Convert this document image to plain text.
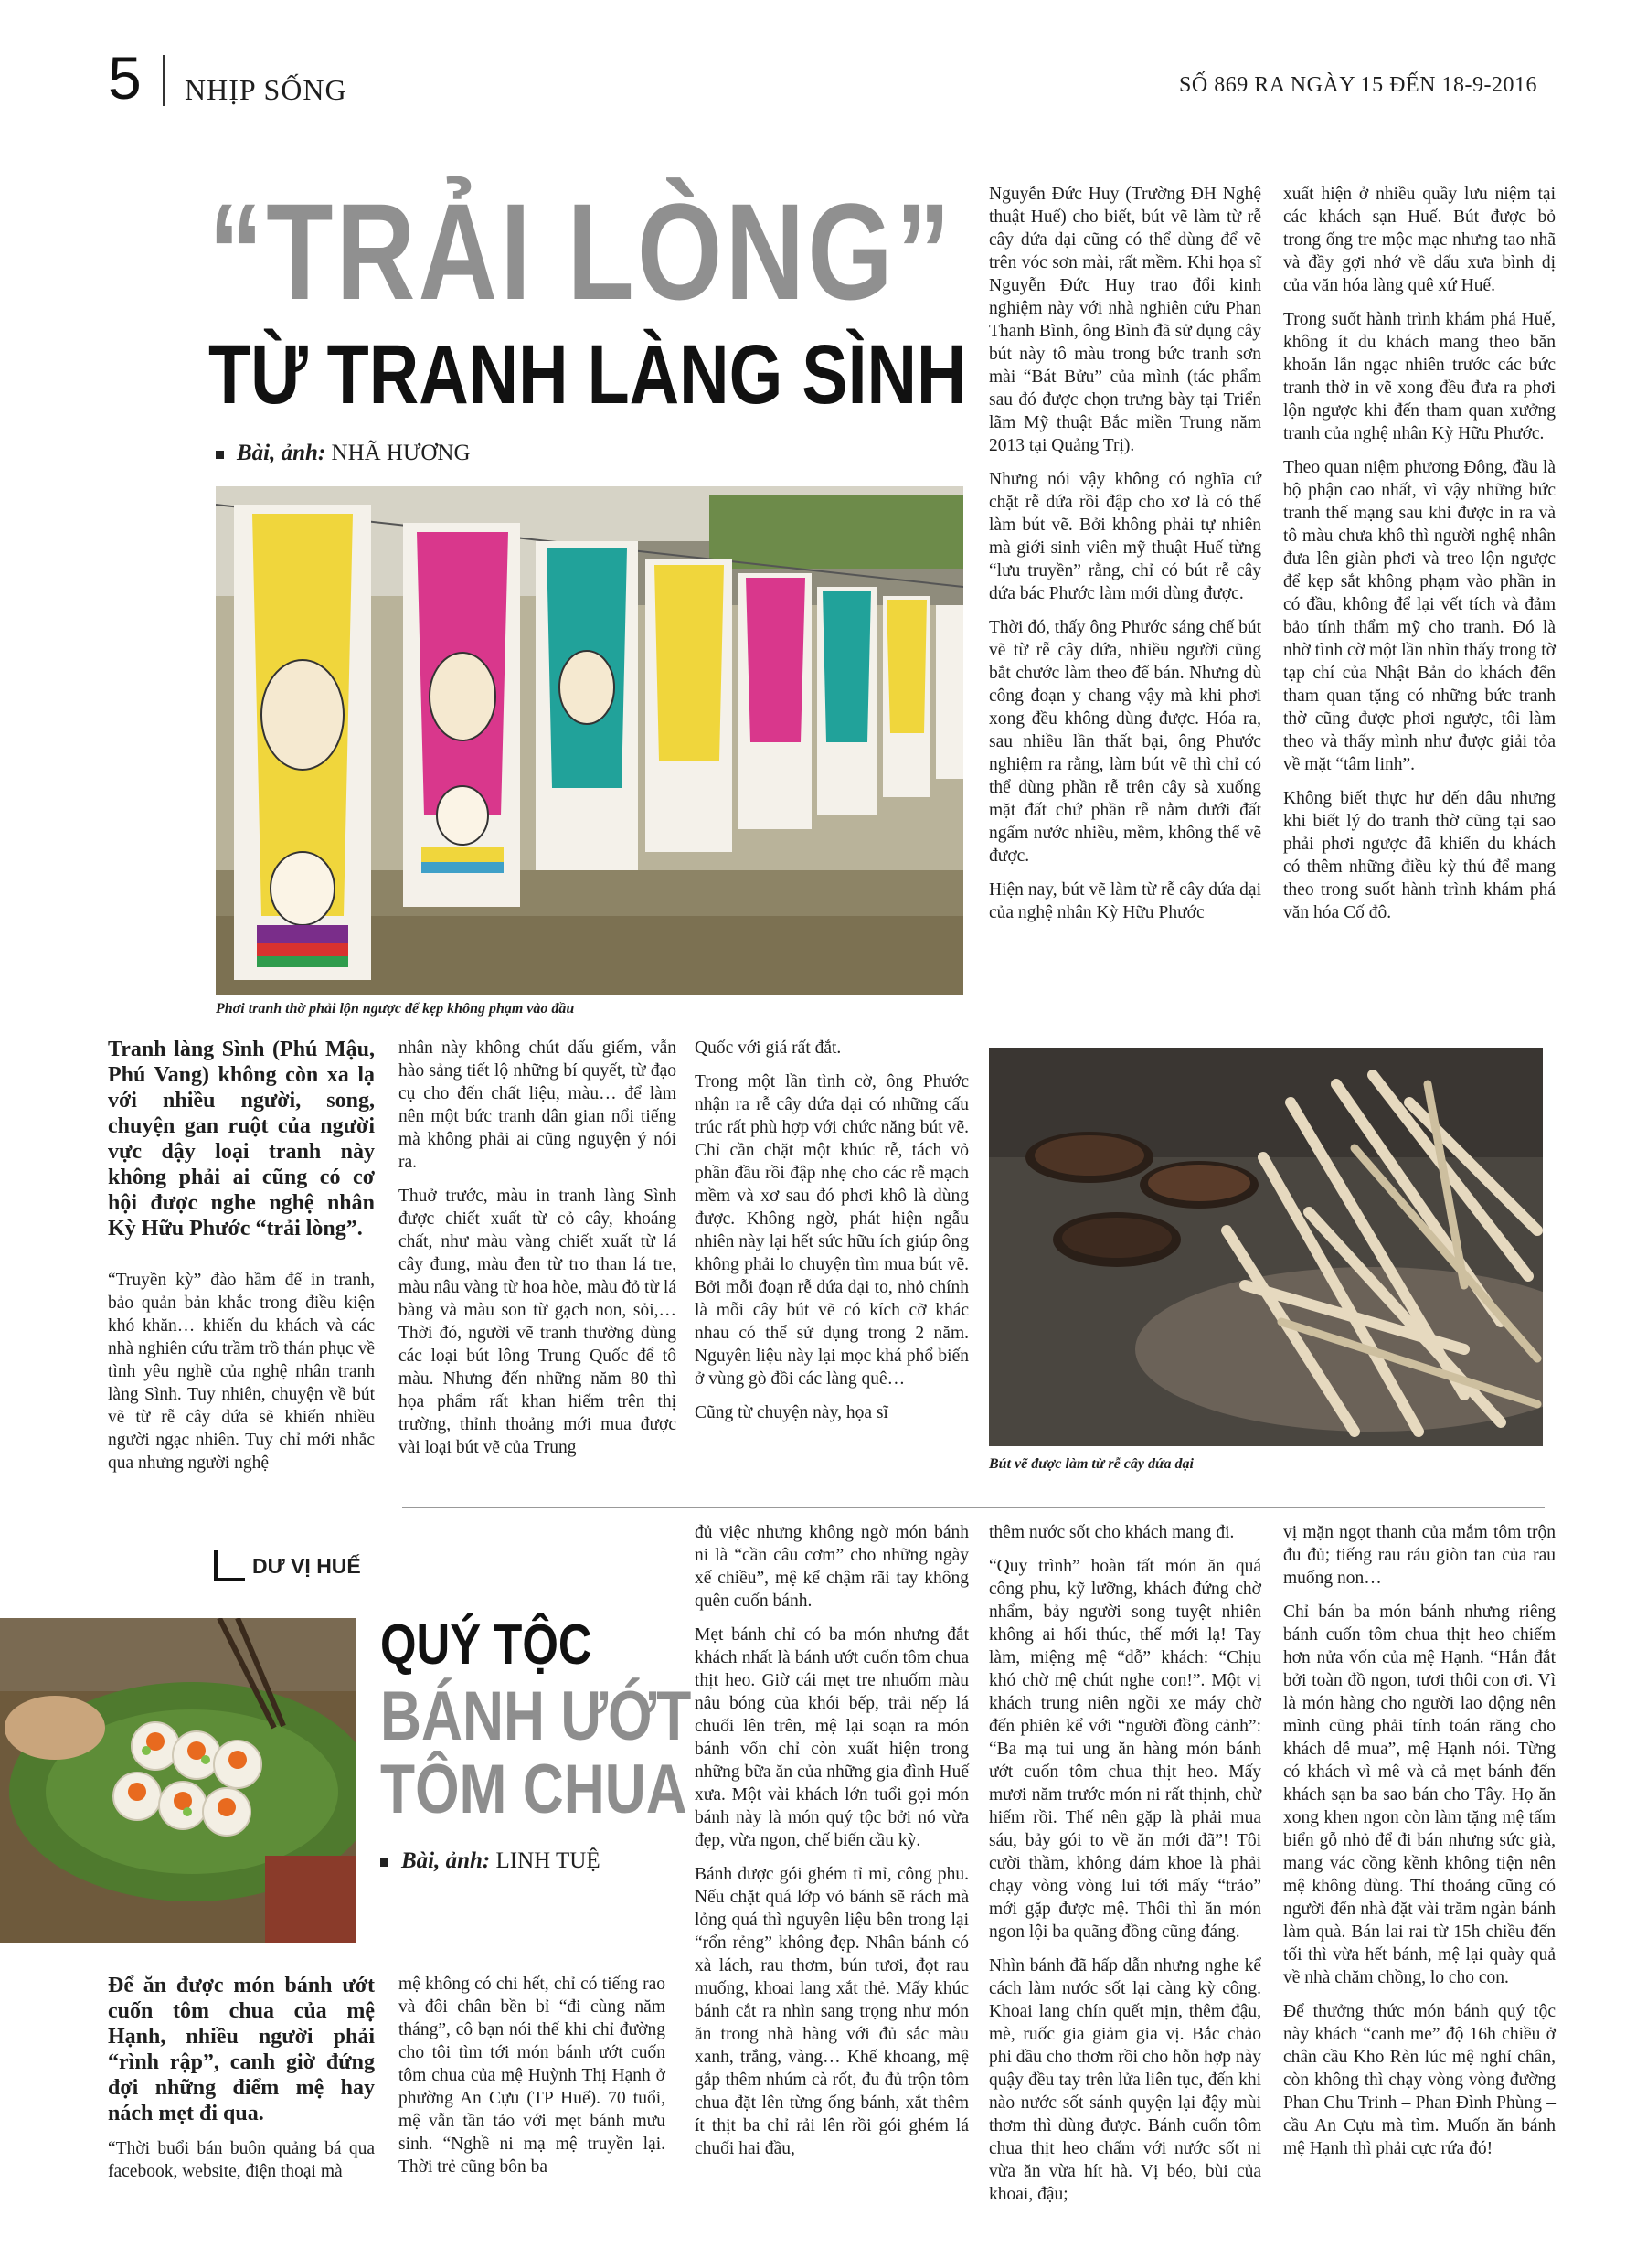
5 NHỊP SỐNG	SỐ 869 RA NGÀY 15 ĐẾN 18-9-2016
“TRẢI LÒNG”
TỪ TRANH LÀNG SÌNH
Bài, ảnh: NHÃ HƯƠNG
Phơi tranh thờ phải lộn ngược để kẹp không phạm vào đầu

Nguyễn Đức Huy (Trường ĐH Nghệ thuật Huế) cho biết, bút vẽ làm từ rễ cây dứa dại cũng có thể dùng để vẽ trên vóc sơn mài, rất mềm. Khi họa sĩ Nguyễn Đức Huy trao đổi kinh nghiệm này với nhà nghiên cứu Phan Thanh Bình, ông Bình đã sử dụng cây bút này tô màu trong bức tranh sơn mài “Bát Bửu” của mình (tác phẩm sau đó được chọn trưng bày tại Triển lãm Mỹ thuật Bắc miền Trung năm 2013 tại Quảng Trị).

Nhưng nói vậy không có nghĩa cứ chặt rễ dứa rồi đập cho xơ là có thể làm bút vẽ. Bởi không phải tự nhiên mà giới sinh viên mỹ thuật Huế từng “lưu truyền” rằng, chỉ có bút rễ cây dứa bác Phước làm mới dùng được.

Thời đó, thấy ông Phước sáng chế bút vẽ từ rễ cây dứa, nhiều người cũng bắt chước làm theo để bán. Nhưng dù công đoạn y chang vậy mà khi phơi xong đều không dùng được. Hóa ra, sau nhiều lần thất bại, ông Phước nghiệm ra rằng, làm bút vẽ thì chỉ có thể dùng phần rễ trên cây sà xuống mặt đất chứ phần rễ nằm dưới đất ngấm nước nhiều, mềm, không thể vẽ được.

Hiện nay, bút vẽ làm từ rễ cây dứa dại của nghệ nhân Kỳ Hữu Phước

xuất hiện ở nhiều quầy lưu niệm tại các khách sạn Huế. Bút được bỏ trong ống tre mộc mạc nhưng tao nhã và đầy gợi nhớ về dấu xưa bình dị của văn hóa làng quê xứ Huế.

Trong suốt hành trình khám phá Huế, không ít du khách mang theo băn khoăn lẫn ngạc nhiên trước các bức tranh thờ in vẽ xong đều đưa ra phơi lộn ngược khi đến tham quan xưởng tranh của nghệ nhân Kỳ Hữu Phước.

Theo quan niệm phương Đông, đầu là bộ phận cao nhất, vì vậy những bức tranh thế mạng sau khi được in ra và tô màu chưa khô thì người nghệ nhân đưa lên giàn phơi và treo lộn ngược để kẹp sắt không phạm vào phần in có đầu, không để lại vết tích và đảm bảo tính thẩm mỹ cho tranh. Đó là nhờ tình cờ một lần nhìn thấy trong tờ tạp chí của Nhật Bản do khách đến tham quan tặng có những bức tranh thờ cũng được phơi ngược, tôi làm theo và thấy mình như được giải tỏa về mặt “tâm linh”.

Không biết thực hư đến đâu nhưng khi biết lý do tranh thờ cũng tại sao phải phơi ngược đã khiến du khách có thêm những điều kỳ thú để mang theo trong suốt hành trình khám phá văn hóa Cố đô.

Tranh làng Sình (Phú Mậu, Phú Vang) không còn xa lạ với nhiều người, song, chuyện gan ruột của người vực dậy loại tranh này không phải ai cũng có cơ hội được nghe nghệ nhân Kỳ Hữu Phước “trải lòng”.

“Truyền kỳ” đào hầm để in tranh, bảo quản bản khắc trong điều kiện khó khăn… khiến du khách và các nhà nghiên cứu trầm trồ thán phục về tình yêu nghề của nghệ nhân tranh làng Sình. Tuy nhiên, chuyện về bút vẽ từ rễ cây dứa sẽ khiến nhiều người ngạc nhiên. Tuy chỉ mới nhắc qua nhưng người nghệ

nhân này không chút dấu giếm, vẫn hào sảng tiết lộ những bí quyết, từ đạo cụ cho đến chất liệu, màu… để làm nên một bức tranh dân gian nổi tiếng mà không phải ai cũng nguyện ý nói ra.

Thuở trước, màu in tranh làng Sình được chiết xuất từ cỏ cây, khoáng chất, như màu vàng chiết xuất từ lá cây đung, màu đen từ tro than lá tre, màu nâu vàng từ hoa hòe, màu đỏ từ lá bàng và màu son từ gạch non, sỏi,… Thời đó, người vẽ tranh thường dùng các loại bút lông Trung Quốc để tô màu. Nhưng đến những năm 80 thì họa phẩm rất khan hiếm trên thị trường, thỉnh thoảng mới mua được vài loại bút vẽ của Trung

Quốc với giá rất đắt.

Trong một lần tình cờ, ông Phước nhận ra rễ cây dứa dại có những cấu trúc rất phù hợp với chức năng bút vẽ. Chỉ cần chặt một khúc rễ, tách vỏ phần đầu rồi đập nhẹ cho các rễ mạch mềm và xơ sau đó phơi khô là dùng được. Không ngờ, phát hiện ngẫu nhiên này lại hết sức hữu ích giúp ông không phải lo chuyện tìm mua bút vẽ. Bởi mỗi đoạn rễ dứa dại to, nhỏ chính là mỗi cây bút vẽ có kích cỡ khác nhau có thể sử dụng trong 2 năm. Nguyên liệu này lại mọc khá phổ biến ở vùng gò đồi các làng quê…

Cũng từ chuyện này, họa sĩ

Bút vẽ được làm từ rễ cây dứa dại
DƯ VỊ HUẾ
QUÝ TỘC
BÁNH ƯỚT
TÔM CHUA
Bài, ảnh: LINH TUỆ

Để ăn được món bánh ướt cuốn tôm chua của mệ Hạnh, nhiều người phải “rình rập”, canh giờ đứng đợi những điểm mệ hay nách mẹt đi qua.

“Thời buổi bán buôn quảng bá qua facebook, website, điện thoại mà

mệ không có chi hết, chỉ có tiếng rao và đôi chân bền bỉ “đi cùng năm tháng”, cô bạn nói thế khi chỉ đường cho tôi tìm tới món bánh ướt cuốn tôm chua của mệ Huỳnh Thị Hạnh ở phường An Cựu (TP Huế). 70 tuổi, mệ vẫn tần tảo với mẹt bánh mưu sinh. “Nghề ni mạ mệ truyền lại. Thời trẻ cũng bôn ba

đủ việc nhưng không ngờ món bánh ni là “cần câu cơm” cho những ngày xế chiều”, mệ kể chậm rãi tay không quên cuốn bánh.

Mẹt bánh chỉ có ba món nhưng đắt khách nhất là bánh ướt cuốn tôm chua thịt heo. Giờ cái mẹt tre nhuốm màu nâu bóng của khói bếp, trải nếp lá chuối lên trên, mệ lại soạn ra món bánh vốn chỉ còn xuất hiện trong những bữa ăn của những gia đình Huế xưa. Một vài khách lớn tuổi gọi món bánh này là món quý tộc bởi nó vừa đẹp, vừa ngon, chế biến cầu kỳ.

Bánh được gói ghém tỉ mỉ, công phu. Nếu chặt quá lớp vỏ bánh sẽ rách mà lỏng quá thì nguyên liệu bên trong lại “rổn rẻng” không đẹp. Nhân bánh có xà lách, rau thơm, bún tươi, đọt rau muống, khoai lang xắt thẻ. Mấy khúc bánh cắt ra nhìn sang trọng như món ăn trong nhà hàng với đủ sắc màu xanh, trắng, vàng… Khế khoang, mệ gắp thêm nhúm cà rốt, đu đủ trộn tôm chua đặt lên từng ống bánh, xắt thêm ít thịt ba chỉ rải lên rồi gói ghém lá chuối hai đầu,

thêm nước sốt cho khách mang đi.

“Quy trình” hoàn tất món ăn quá công phu, kỹ lưỡng, khách đứng chờ nhẩm, bảy người song tuyệt nhiên không ai hối thúc, thế mới lạ! Tay làm, miệng mệ “dỗ” khách: “Chịu khó chờ mệ chút nghe con!”. Một vị khách trung niên ngồi xe máy chờ đến phiên kể với “người đồng cảnh”: “Ba mạ tui ung ăn hàng món bánh ướt cuốn tôm chua thịt heo. Mấy mươi năm trước món ni rất thịnh, chừ hiếm rồi. Thế nên gặp là phải mua sáu, bảy gói to về ăn mới đã”! Tôi cười thầm, không dám khoe là phải chạy vòng vòng lui tới mấy “trảo” mới gặp được mệ. Thôi thì ăn món ngon lội ba quãng đồng cũng đáng.

Nhìn bánh đã hấp dẫn nhưng nghe kể cách làm nước sốt lại càng kỳ công. Khoai lang chín quết mịn, thêm đậu, mè, ruốc gia giảm gia vị. Bắc chảo phi dầu cho thơm rồi cho hỗn hợp này quậy đều tay trên lửa liên tục, đến khi nào nước sốt sánh quyện lại đậy mùi thơm thì dùng được. Bánh cuốn tôm chua thịt heo chấm với nước sốt ni vừa ăn vừa hít hà. Vị béo, bùi của khoai, đậu;

vị mặn ngọt thanh của mắm tôm trộn đu đủ; tiếng rau ráu giòn tan của rau muống non…

Chỉ bán ba món bánh nhưng riêng bánh cuốn tôm chua thịt heo chiếm hơn nửa vốn của mệ Hạnh. “Hắn đắt bởi toàn đồ ngon, tươi thôi con ơi. Vì là món hàng cho người lao động nên mình cũng phải tính toán răng cho khách dễ mua”, mệ Hạnh nói. Từng có khách vì mê và cả mẹt bánh đến khách sạn ba sao bán cho Tây. Họ ăn xong khen ngon còn làm tặng mệ tấm biển gỗ nhỏ để đi bán nhưng sức già, mang vác cồng kềnh không tiện nên mệ không dùng. Thỉ thoảng cũng có người đến nhà đặt vài trăm ngàn bánh làm quà. Bán lai rai từ 15h chiều đến tối thì vừa hết bánh, mệ lại quày quả về nhà chăm chồng, lo cho con.

Để thưởng thức món bánh quý tộc này khách “canh me” độ 16h chiều ở chân cầu Kho Rèn lúc mệ nghỉ chân, còn không thì chạy vòng vòng đường Phan Chu Trinh – Phan Đình Phùng – cầu An Cựu mà tìm. Muốn ăn bánh mệ Hạnh thì phải cực rứa đó!
